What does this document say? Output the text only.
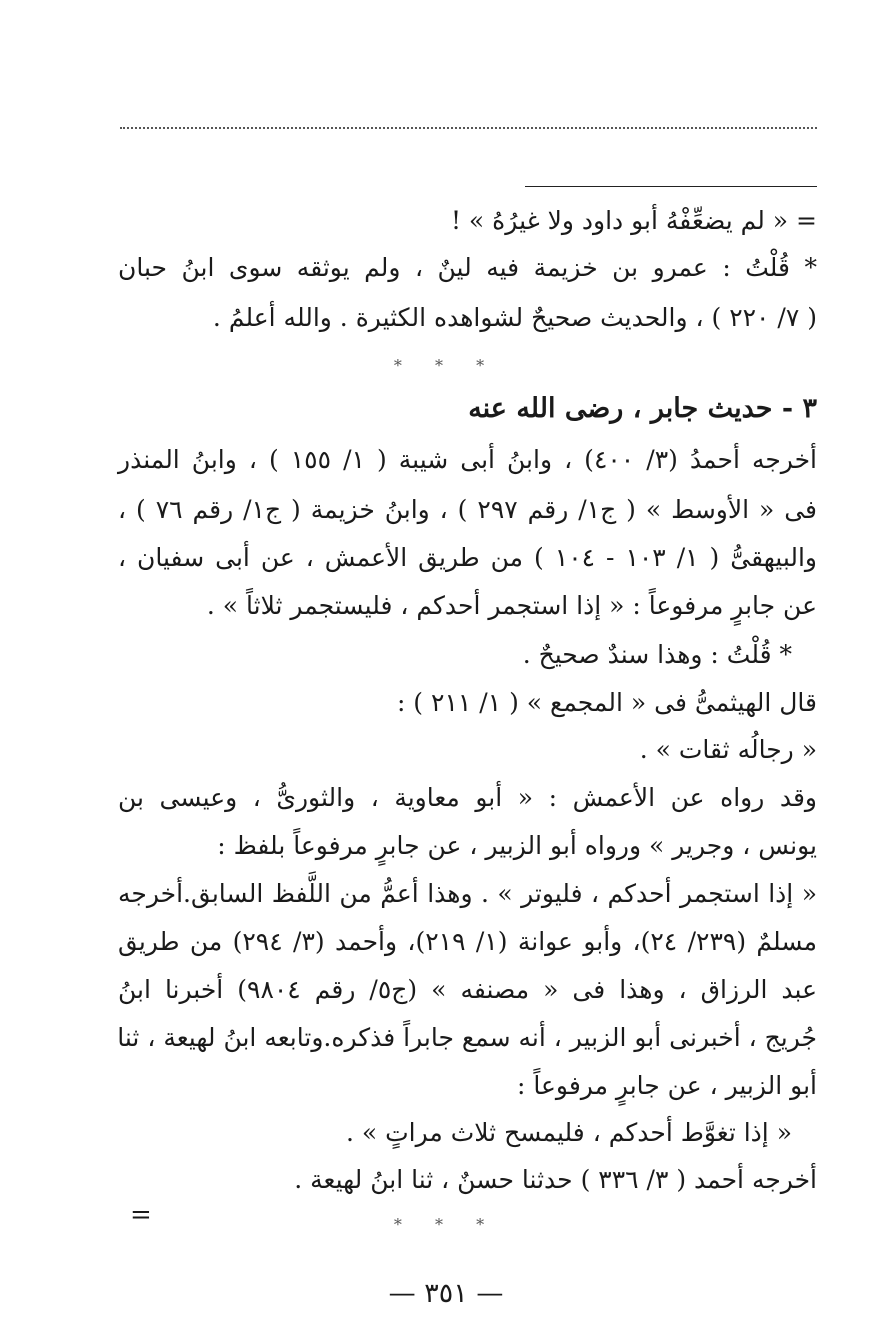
= « لم يضعِّفْهُ أبو داود ولا غيرُهُ » !
* قُلْتُ : عمرو بن خزيمة فيه لينٌ ، ولم يوثقه سوى ابنُ حبان
( ٧/ ٢٢٠ ) ، والحديث صحيحٌ لشواهده الكثيرة . والله أعلمُ .
* * *
٣ - حديث جابر ، رضى الله عنه
أخرجه أحمدُ (٣/ ٤٠٠) ، وابنُ أبى شيبة ( ١/ ١٥٥ ) ، وابنُ المنذر
فى « الأوسط » ( ج١/ رقم ٢٩٧ ) ، وابنُ خزيمة ( ج١/ رقم ٧٦ ) ،
والبيهقىُّ ( ١/ ١٠٣ - ١٠٤ ) من طريق الأعمش ، عن أبى سفيان ،
عن جابرٍ مرفوعاً : « إذا استجمر أحدكم ، فليستجمر ثلاثاً » .
* قُلْتُ : وهذا سندٌ صحيحٌ .
قال الهيثمىُّ فى « المجمع » ( ١/ ٢١١ ) :
« رجالُه ثقات » .
وقد رواه عن الأعمش : « أبو معاوية ، والثورىُّ ، وعيسى بن
يونس ، وجرير » ورواه أبو الزبير ، عن جابرٍ مرفوعاً بلفظ :
« إذا استجمر أحدكم ، فليوتر » . وهذا أعمُّ من اللَّفظ السابق.أخرجه
مسلمٌ (٢٣٩/ ٢٤)، وأبو عوانة (١/ ٢١٩)، وأحمد (٣/ ٢٩٤) من طريق
عبد الرزاق ، وهذا فى « مصنفه » (ج٥/ رقم ٩٨٠٤) أخبرنا ابنُ
جُريج ، أخبرنى أبو الزبير ، أنه سمع جابراً فذكره.وتابعه ابنُ لهيعة ، ثنا
أبو الزبير ، عن جابرٍ مرفوعاً :
« إذا تغوَّط أحدكم ، فليمسح ثلاث مراتٍ » .
أخرجه أحمد ( ٣/ ٣٣٦ ) حدثنا حسنٌ ، ثنا ابنُ لهيعة .
=	* * *
— ٣٥١ —
